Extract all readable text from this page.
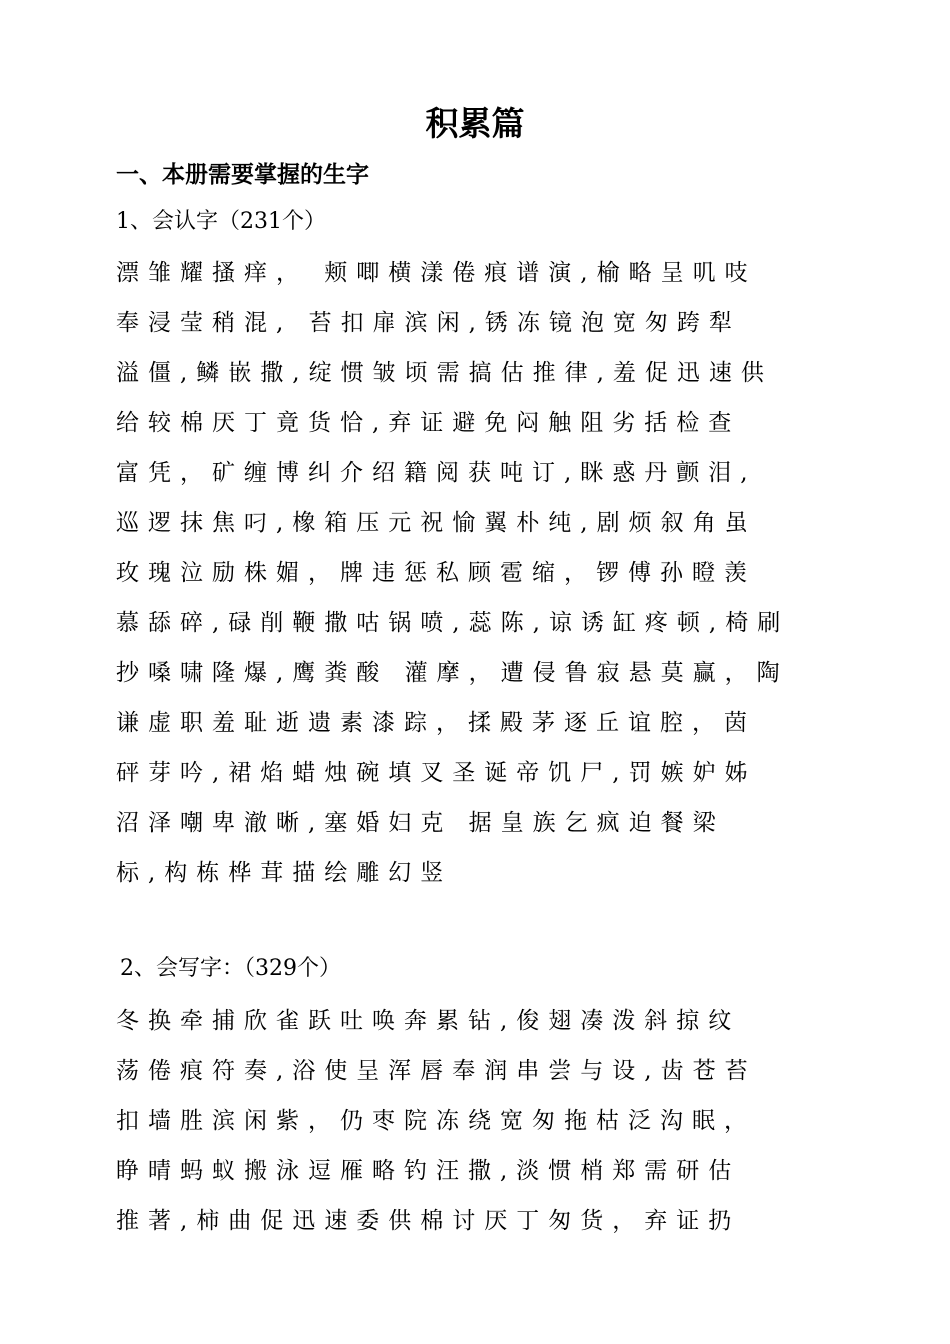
积累篇
一、本册需要掌握的生字
1、会认字（231个）
漂雏耀搔痒， 颊唧横漾倦痕谱演,榆略呈叽吱
奉浸莹稍混, 苔扣扉滨闲,锈冻镜泡宽匆跨犁
溢僵,鳞嵌撒,绽惯皱顷需搞估推律,羞促迅速供
给较棉厌丁竟货恰,弃证避免闷触阻劣括检查
富凭，矿缠博纠介绍籍阅获吨订,眯惑丹颤泪,
巡逻抹焦叼,橡箱压元祝愉翼朴纯,剧烦叙角虽
玫瑰泣励株媚，牌违惩私顾雹缩，锣傅孙瞪羡
慕舔碎,碌削鞭撒咕锅喷,蕊陈,谅诱缸疼顿,椅刷
抄嗓啸隆爆,鹰粪酸 灌摩，遭侵鲁寂悬莫赢，陶
谦虚职羞耻逝遗素漆踪，揉殿茅逐丘谊腔，茵
砰芽吟,裙焰蜡烛碗填叉圣诞帝饥尸,罚嫉妒姊
沼泽嘲卑澈晰,塞婚妇克 据皇族乞疯迫餐梁
标,构栋桦茸描绘雕幻竖
2、会写字：（329个）
冬换牵捕欣雀跃吐唤奔累钻,俊翅凑泼斜掠纹
荡倦痕符奏,浴使呈浑唇奉润串尝与设,齿苍苔
扣墙胜滨闲紫，仍枣院冻绕宽匆拖枯泛沟眠，
睁晴蚂蚁搬泳逗雁略钓汪撒,淡惯梢郑需研估
推著,柿曲促迅速委供棉讨厌丁匆货，弃证扔
